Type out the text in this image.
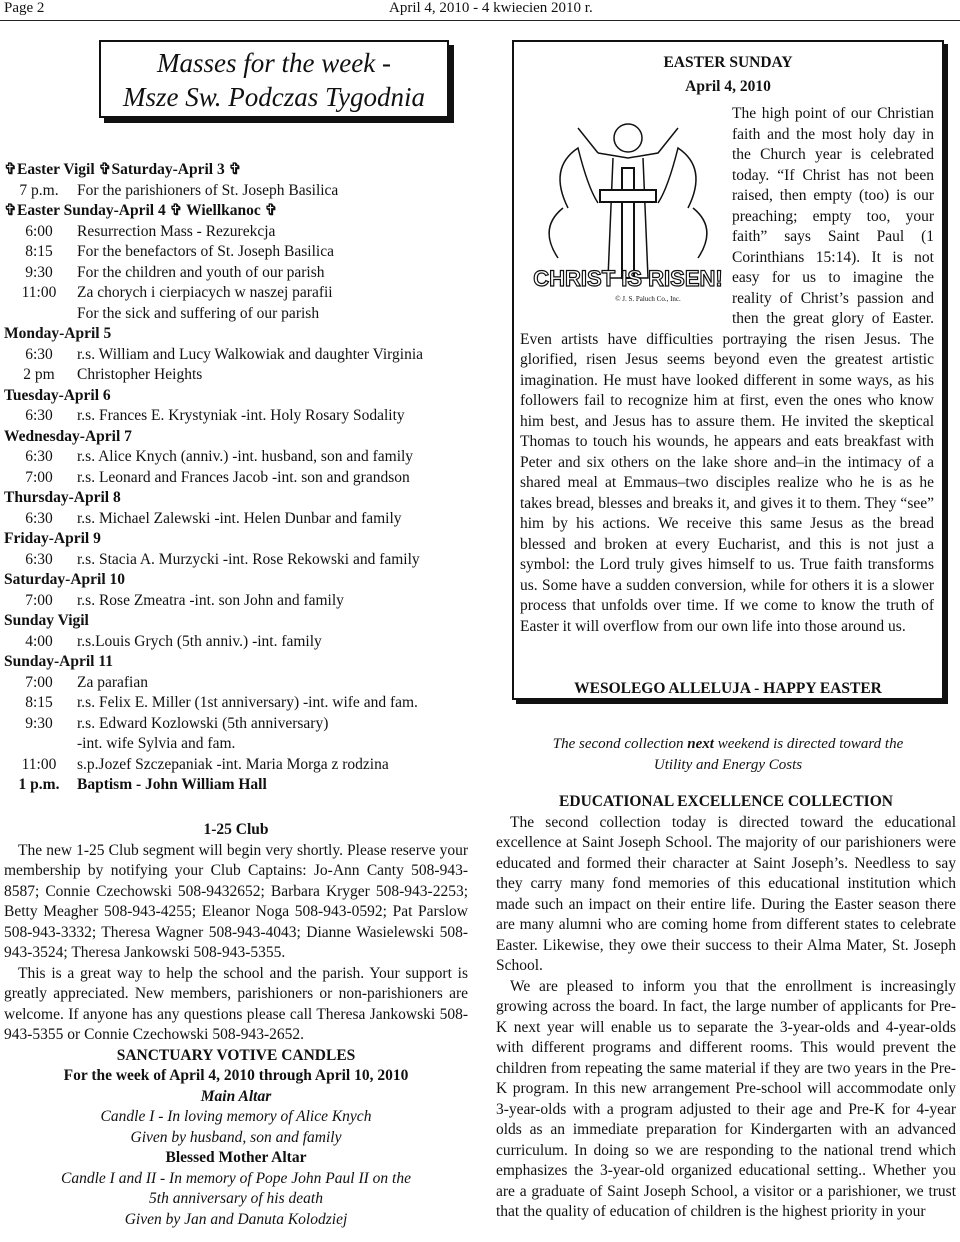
Page 2	April 4, 2010 - 4 kwiecien 2010 r.
Masses for the week -
Msze Sw. Podczas Tygodnia
✞Easter Vigil ✞Saturday-April 3 ✞
7 p.m.	For the parishioners of St. Joseph Basilica
✞Easter Sunday-April 4 ✞ Wiellkanoc ✞
6:00	Resurrection Mass - Rezurekcja
8:15	For the benefactors of St. Joseph Basilica
9:30	For the children and youth of our parish
11:00	Za chorych i cierpiacych w naszej parafii
For the sick and suffering of our parish
Monday-April 5
6:30	r.s. William and Lucy Walkowiak and daughter Virginia
2 pm	Christopher Heights
Tuesday-April 6
6:30	r.s. Frances E. Krystyniak -int. Holy Rosary Sodality
Wednesday-April 7
6:30	r.s. Alice Knych (anniv.) -int. husband, son and family
7:00	r.s. Leonard and Frances Jacob -int. son and grandson
Thursday-April 8
6:30	r.s. Michael Zalewski -int. Helen Dunbar and family
Friday-April 9
6:30	r.s. Stacia A. Murzycki -int. Rose Rekowski and family
Saturday-April 10
7:00	r.s. Rose Zmeatra -int. son John and family
Sunday Vigil
4:00	r.s.Louis Grych (5th anniv.) -int. family
Sunday-April 11
7:00	Za parafian
8:15	r.s. Felix E. Miller (1st anniversary) -int. wife and fam.
9:30	r.s. Edward Kozlowski (5th anniversary)
-int. wife Sylvia and fam.
11:00	s.p.Jozef Szczepaniak -int. Maria Morga z rodzina
1 p.m.	Baptism - John William Hall
1-25 Club

The new 1-25 Club segment will begin very shortly. Please reserve your membership by notifying your Club Captains: Jo-Ann Canty 508-943-8587; Connie Czechowski 508-9432652; Barbara Kryger 508-943-2253; Betty Meagher 508-943-4255; Eleanor Noga 508-943-0592; Pat Parslow 508-943-3332; Theresa Wagner 508-943-4043; Dianne Wasielewski 508-943-3524; Theresa Jankowski 508-943-5355.

This is a great way to help the school and the parish. Your support is greatly appreciated. New members, parishioners or non-parishioners are welcome. If anyone has any questions please call Theresa Jankowski 508-943-5355 or Connie Czechowski 508-943-2652.

SANCTUARY VOTIVE CANDLES
For the week of April 4, 2010 through April 10, 2010
Main Altar
Candle I - In loving memory of Alice Knych
Given by husband, son and family
Blessed Mother Altar
Candle I and II - In memory of Pope John Paul II on the
5th anniversary of his death
Given by Jan and Danuta Kolodziej
EASTER SUNDAY
April 4, 2010
The high point of our Christian faith and the most holy day in the Church year is celebrated today. “If Christ has not been raised, then empty (too) is our preaching; empty too, your faith” says Saint Paul (1 Corinthians 15:14). It is not easy for us to imagine the reality of Christ’s passion and then the great glory of Easter. Even artists have difficulties portraying the risen Jesus. The glorified, risen Jesus seems beyond even the greatest artistic imagination. He must have looked different in some ways, as his followers fail to recognize him at first, even the ones who know him best, and Jesus has to assure them. He invited the skeptical Thomas to touch his wounds, he appears and eats breakfast with Peter and six others on the lake shore and–in the intimacy of a shared meal at Emmaus–two disciples realize who he is as he takes bread, blesses and breaks it, and gives it to them. They “see” him by his actions. We receive this same Jesus as the bread blessed and broken at every Eucharist, and this is not just a symbol: the Lord truly gives himself to us. True faith transforms us. Some have a sudden conversion, while for others it is a slower process that unfolds over time. If we come to know the truth of Easter it will overflow from our own life into those around us.
CHRIST IS RISEN!
© J. S. Paluch Co., Inc.
WESOLEGO ALLELUJA - HAPPY EASTER
The second collection next weekend is directed toward the
Utility and Energy Costs
EDUCATIONAL EXCELLENCE COLLECTION

The second collection today is directed toward the educational excellence at Saint Joseph School. The majority of our parishioners were educated and formed their character at Saint Joseph’s. Needless to say they carry many fond memories of this educational institution which made such an impact on their entire life. During the Easter season there are many alumni who are coming home from different states to celebrate Easter. Likewise, they owe their success to their Alma Mater, St. Joseph School.

We are pleased to inform you that the enrollment is increasingly growing across the board. In fact, the large number of applicants for Pre-K next year will enable us to separate the 3-year-olds and 4-year-olds with different programs and different rooms. This would prevent the children from repeating the same material if they are two years in the Pre-K program. In this new arrangement Pre-school will accommodate only 3-year-olds with a program adjusted to their age and Pre-K for 4-year olds as an immediate preparation for Kindergarten with an advanced curriculum. In doing so we are responding to the national trend which emphasizes the 3-year-old organized educational setting.. Whether you are a graduate of Saint Joseph School, a visitor or a parishioner, we trust that the quality of education of children is the highest priority in your
